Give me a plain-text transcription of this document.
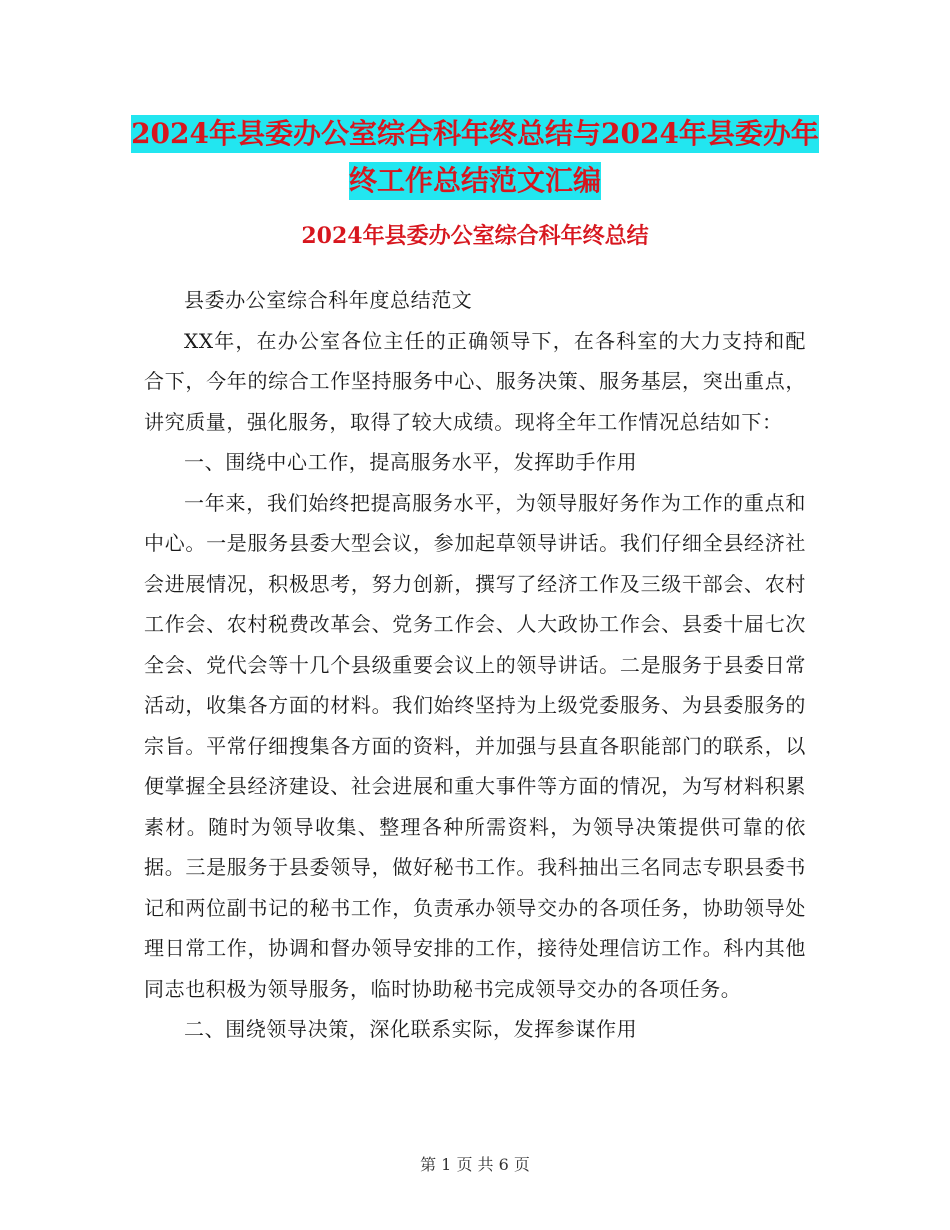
2024年县委办公室综合科年终总结与2024年县委办年
终工作总结范文汇编
2024年县委办公室综合科年终总结

县委办公室综合科年度总结范文

XX年，在办公室各位主任的正确领导下，在各科室的大力支持和配合下，今年的综合工作坚持服务中心、服务决策、服务基层，突出重点，讲究质量，强化服务，取得了较大成绩。现将全年工作情况总结如下：

一、围绕中心工作，提高服务水平，发挥助手作用

一年来，我们始终把提高服务水平，为领导服好务作为工作的重点和中心。一是服务县委大型会议，参加起草领导讲话。我们仔细全县经济社会进展情况，积极思考，努力创新，撰写了经济工作及三级干部会、农村工作会、农村税费改革会、党务工作会、人大政协工作会、县委十届七次全会、党代会等十几个县级重要会议上的领导讲话。二是服务于县委日常活动，收集各方面的材料。我们始终坚持为上级党委服务、为县委服务的宗旨。平常仔细搜集各方面的资料，并加强与县直各职能部门的联系，以便掌握全县经济建设、社会进展和重大事件等方面的情况，为写材料积累素材。随时为领导收集、整理各种所需资料，为领导决策提供可靠的依据。三是服务于县委领导，做好秘书工作。我科抽出三名同志专职县委书记和两位副书记的秘书工作，负责承办领导交办的各项任务，协助领导处理日常工作，协调和督办领导安排的工作，接待处理信访工作。科内其他同志也积极为领导服务，临时协助秘书完成领导交办的各项任务。

二、围绕领导决策，深化联系实际，发挥参谋作用

第 1 页 共 6 页
